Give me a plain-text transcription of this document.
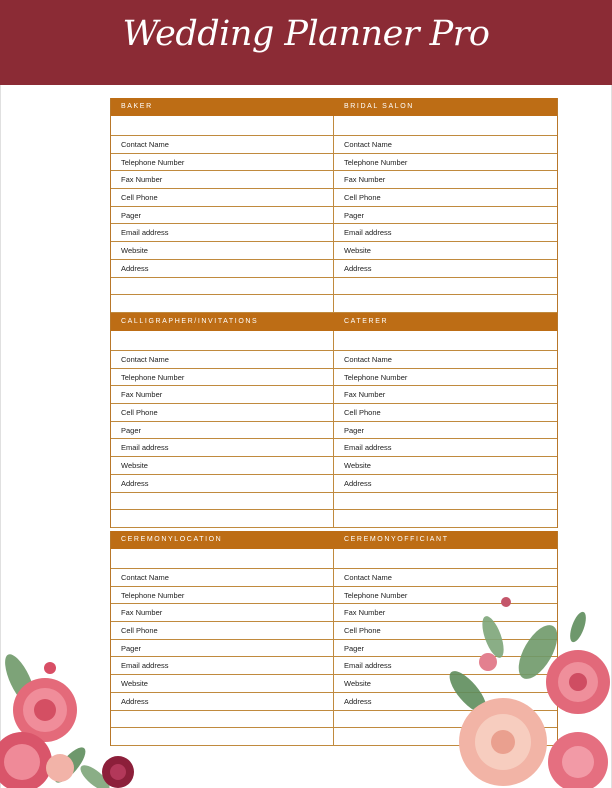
Wedding Planner Pro
BAKER	BRIDAL SALON
Contact Name	Contact Name
Telephone Number	Telephone Number
Fax Number	Fax Number
Cell Phone	Cell Phone
Pager	Pager
Email address	Email address
Website	Website
Address	Address
CALLIGRAPHER/INVITATIONS	CATERER
Contact Name	Contact Name
Telephone Number	Telephone Number
Fax Number	Fax Number
Cell Phone	Cell Phone
Pager	Pager
Email address	Email address
Website	Website
Address	Address
CEREMONYLOCATION	CEREMONYOFFICIANT
Contact Name	Contact Name
Telephone Number	Telephone Number
Fax Number	Fax Number
Cell Phone	Cell Phone
Pager	Pager
Email address	Email address
Website	Website
Address	Address
